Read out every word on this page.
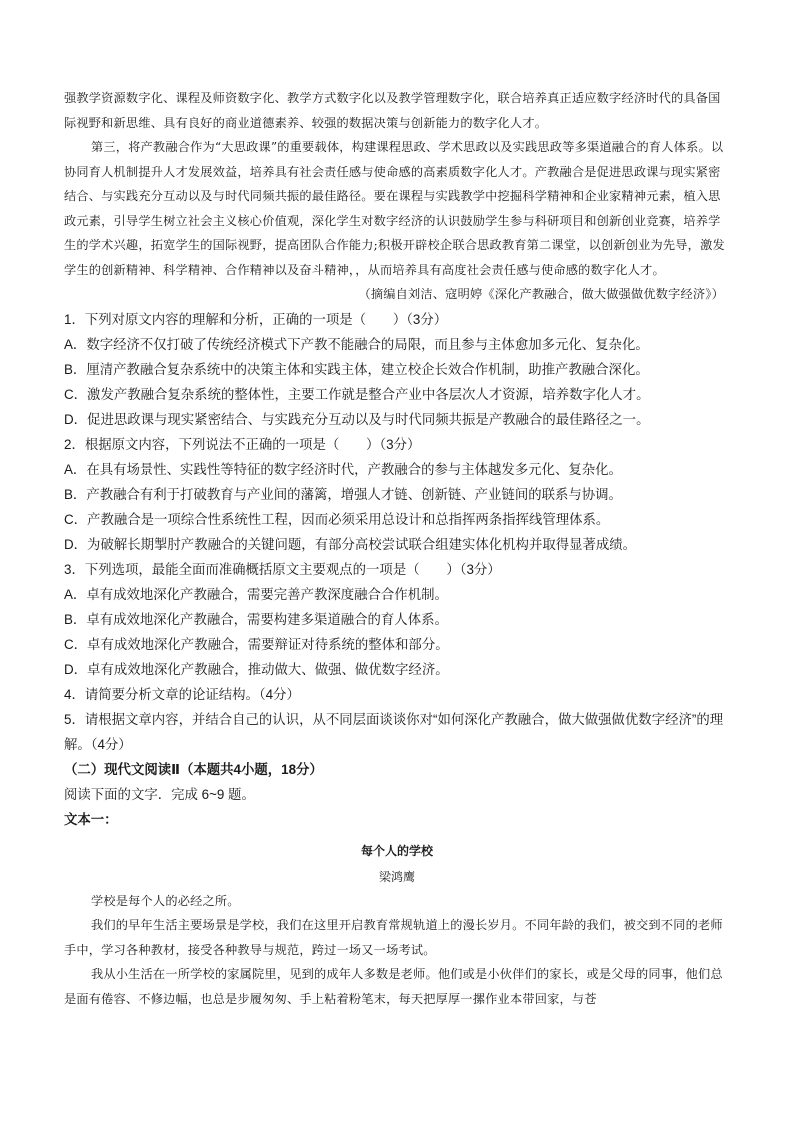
强教学资源数字化、课程及师资数字化、教学方式数字化以及教学管理数字化，联合培养真正适应数字经济时代的具备国际视野和新思维、具有良好的商业道德素养、较强的数据决策与创新能力的数字化人才。

第三，将产教融合作为“大思政课”的重要载体，构建课程思政、学术思政以及实践思政等多渠道融合的育人体系。以协同育人机制提升人才发展效益，培养具有社会责任感与使命感的高素质数字化人才。产教融合是促进思政课与现实紧密结合、与实践充分互动以及与时代同频共振的最佳路径。要在课程与实践教学中挖掘科学精神和企业家精神元素，植入思政元素，引导学生树立社会主义核心价值观，深化学生对数字经济的认识鼓励学生参与科研项目和创新创业竞赛，培养学生的学术兴趣，拓宽学生的国际视野，提高团队合作能力;积极开辟校企联合思政教育第二课堂，以创新创业为先导，激发学生的创新精神、科学精神、合作精神以及奋斗精神，，从而培养具有高度社会责任感与使命感的数字化人才。

（摘编自刘洁、寇明婷《深化产教融合，做大做强做优数字经济》）

1．下列对原文内容的理解和分析，正确的一项是（　　）（3分）

A．数字经济不仅打破了传统经济模式下产教不能融合的局限，而且参与主体愈加多元化、复杂化。
B．厘清产教融合复杂系统中的决策主体和实践主体，建立校企长效合作机制，助推产教融合深化。
C．激发产教融合复杂系统的整体性，主要工作就是整合产业中各层次人才资源，培养数字化人才。
D．促进思政课与现实紧密结合、与实践充分互动以及与时代同频共振是产教融合的最佳路径之一。

2．根据原文内容，下列说法不正确的一项是（　　）（3分）

A．在具有场景性、实践性等特征的数字经济时代，产教融合的参与主体越发多元化、复杂化。
B．产教融合有利于打破教育与产业间的藩篱，增强人才链、创新链、产业链间的联系与协调。
C．产教融合是一项综合性系统性工程，因而必须采用总设计和总指挥两条指挥线管理体系。
D．为破解长期掣肘产教融合的关键问题，有部分高校尝试联合组建实体化机构并取得显著成绩。

3．下列选项，最能全面而准确概括原文主要观点的一项是（　　）（3分）

A．卓有成效地深化产教融合，需要完善产教深度融合合作机制。
B．卓有成效地深化产教融合，需要构建多渠道融合的育人体系。
C．卓有成效地深化产教融合，需要辩证对待系统的整体和部分。
D．卓有成效地深化产教融合，推动做大、做强、做优数字经济。

4．请简要分析文章的论证结构。（4分）

5．请根据文章内容，并结合自己的认识，从不同层面谈谈你对“如何深化产教融合，做大做强做优数字经济”的理解。（4分）

（二）现代文阅读Ⅱ（本题共4小题，18分）

阅读下面的文字．完成 6~9 题。

文本一：

每个人的学校

梁鸿鹰

学校是每个人的必经之所。

我们的早年生活主要场景是学校，我们在这里开启教育常规轨道上的漫长岁月。不同年龄的我们，被交到不同的老师手中，学习各种教材，接受各种教导与规范，跨过一场又一场考试。

我从小生活在一所学校的家属院里，见到的成年人多数是老师。他们或是小伙伴们的家长，或是父母的同事，他们总是面有倦容、不修边幅，也总是步履匆匆、手上粘着粉笔末，每天把厚厚一摞作业本带回家，与苍
